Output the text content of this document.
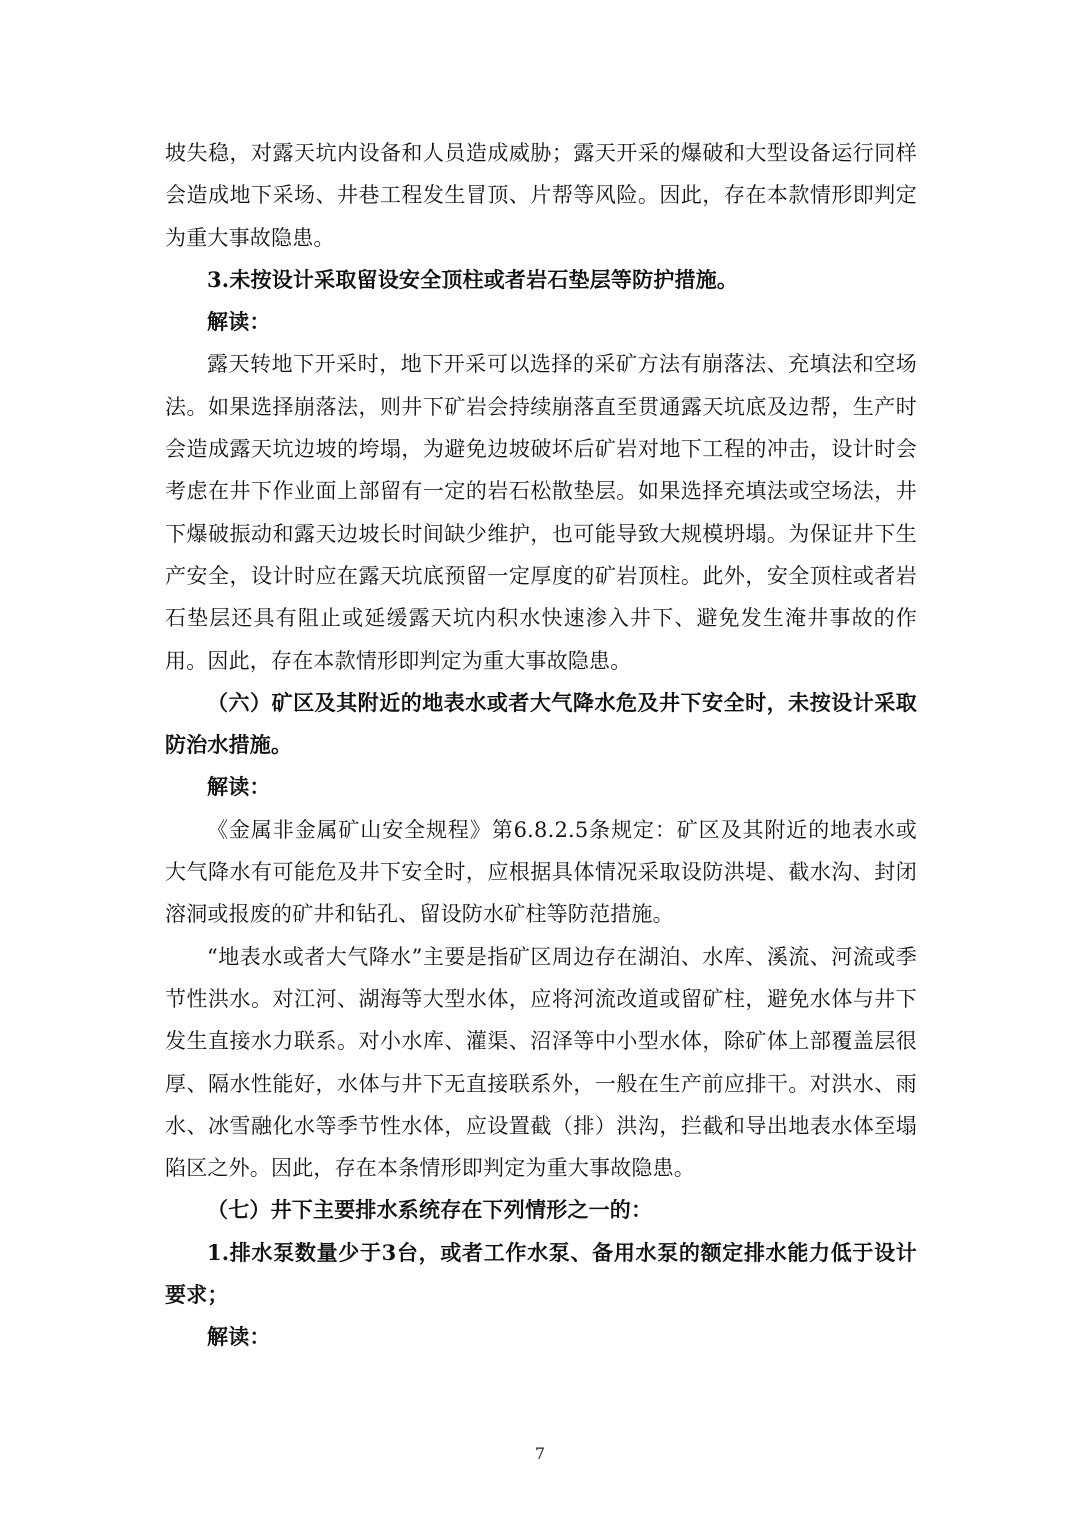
坡失稳，对露天坑内设备和人员造成威胁；露天开采的爆破和大型设备运行同样会造成地下采场、井巷工程发生冒顶、片帮等风险。因此，存在本款情形即判定为重大事故隐患。

3.未按设计采取留设安全顶柱或者岩石垫层等防护措施。

解读：

露天转地下开采时，地下开采可以选择的采矿方法有崩落法、充填法和空场法。如果选择崩落法，则井下矿岩会持续崩落直至贯通露天坑底及边帮，生产时会造成露天坑边坡的垮塌，为避免边坡破坏后矿岩对地下工程的冲击，设计时会考虑在井下作业面上部留有一定的岩石松散垫层。如果选择充填法或空场法，井下爆破振动和露天边坡长时间缺少维护，也可能导致大规模坍塌。为保证井下生产安全，设计时应在露天坑底预留一定厚度的矿岩顶柱。此外，安全顶柱或者岩石垫层还具有阻止或延缓露天坑内积水快速渗入井下、避免发生淹井事故的作用。因此，存在本款情形即判定为重大事故隐患。

（六）矿区及其附近的地表水或者大气降水危及井下安全时，未按设计采取防治水措施。

解读：

《金属非金属矿山安全规程》第6.8.2.5条规定：矿区及其附近的地表水或大气降水有可能危及井下安全时，应根据具体情况采取设防洪堤、截水沟、封闭溶洞或报废的矿井和钻孔、留设防水矿柱等防范措施。

“地表水或者大气降水”主要是指矿区周边存在湖泊、水库、溪流、河流或季节性洪水。对江河、湖海等大型水体，应将河流改道或留矿柱，避免水体与井下发生直接水力联系。对小水库、灌渠、沼泽等中小型水体，除矿体上部覆盖层很厚、隔水性能好，水体与井下无直接联系外，一般在生产前应排干。对洪水、雨水、冰雪融化水等季节性水体，应设置截（排）洪沟，拦截和导出地表水体至塌陷区之外。因此，存在本条情形即判定为重大事故隐患。

（七）井下主要排水系统存在下列情形之一的：

1.排水泵数量少于3台，或者工作水泵、备用水泵的额定排水能力低于设计要求；

解读：

7
